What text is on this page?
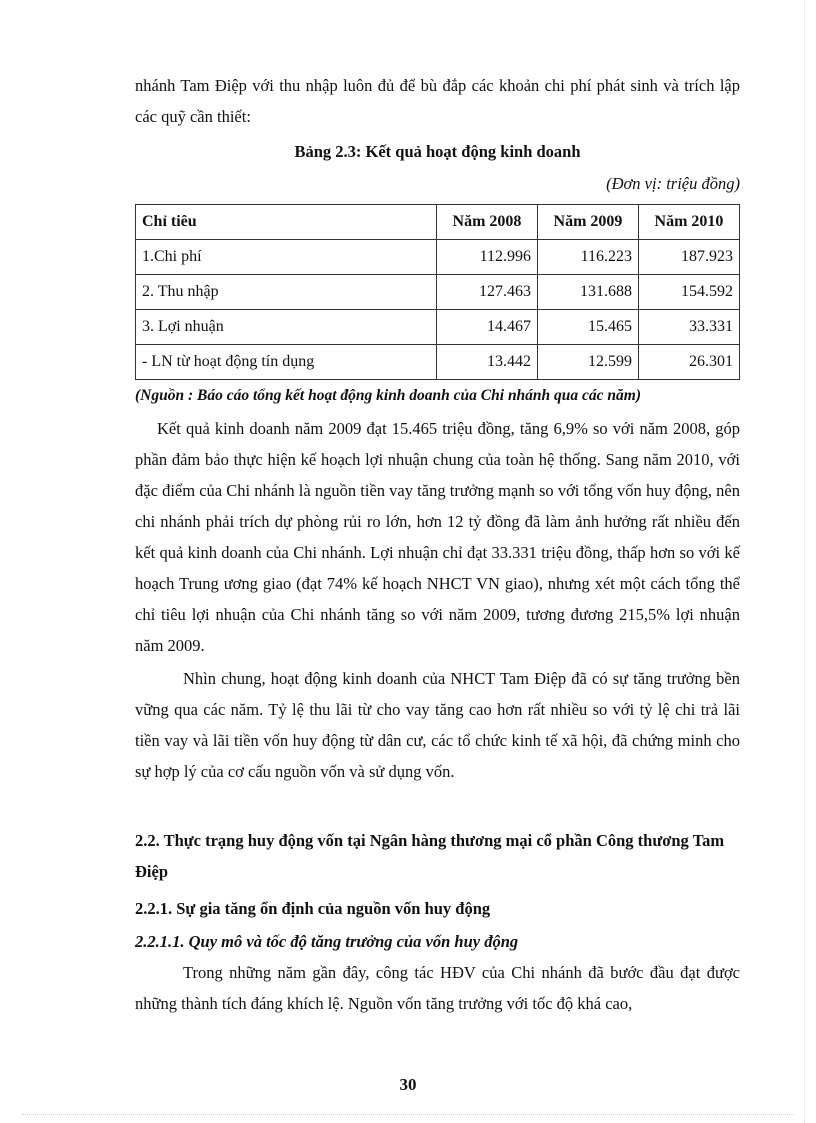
nhánh Tam Điệp với thu nhập luôn đủ để bù đắp các khoản chi phí phát sinh và trích lập các quỹ cần thiết:

Bảng 2.3: Kết quả hoạt động kinh doanh
(Đơn vị: triệu đồng)
Chỉ tiêu	Năm 2008	Năm 2009	Năm 2010
1.Chi phí	112.996	116.223	187.923
2. Thu nhập	127.463	131.688	154.592
3. Lợi nhuận	14.467	15.465	33.331
- LN từ hoạt động tín dụng	13.442	12.599	26.301
(Nguồn : Báo cáo tổng kết hoạt động kinh doanh của Chi nhánh qua các năm)

Kết quả kinh doanh năm 2009 đạt 15.465 triệu đồng, tăng 6,9% so với năm 2008, góp phần đảm bảo thực hiện kế hoạch lợi nhuận chung của toàn hệ thống. Sang năm 2010, với đặc điểm của Chi nhánh là nguồn tiền vay tăng trưởng mạnh so với tổng vốn huy động, nên chi nhánh phải trích dự phòng rủi ro lớn, hơn 12 tỷ đồng đã làm ảnh hưởng rất nhiều đến kết quả kinh doanh của Chi nhánh. Lợi nhuận chỉ đạt 33.331 triệu đồng, thấp hơn so với kế hoạch Trung ương giao (đạt 74% kế hoạch NHCT VN giao), nhưng xét một cách tổng thể chỉ tiêu lợi nhuận của Chi nhánh tăng so với năm 2009, tương đương 215,5% lợi nhuận năm 2009.

Nhìn chung, hoạt động kinh doanh của NHCT Tam Điệp đã có sự tăng trưởng bền vững qua các năm. Tỷ lệ thu lãi từ cho vay tăng cao hơn rất nhiều so với tỷ lệ chi trả lãi tiền vay và lãi tiền vốn huy động từ dân cư, các tổ chức kinh tế xã hội, đã chứng minh cho sự hợp lý của cơ cấu nguồn vốn và sử dụng vốn.

2.2. Thực trạng huy động vốn tại Ngân hàng thương mại cổ phần Công thương Tam Điệp
2.2.1. Sự gia tăng ổn định của nguồn vốn huy động
2.2.1.1. Quy mô và tốc độ tăng trưởng của vốn huy động

Trong những năm gần đây, công tác HĐV của Chi nhánh đã bước đầu đạt được những thành tích đáng khích lệ. Nguồn vốn tăng trưởng với tốc độ khá cao,

30
